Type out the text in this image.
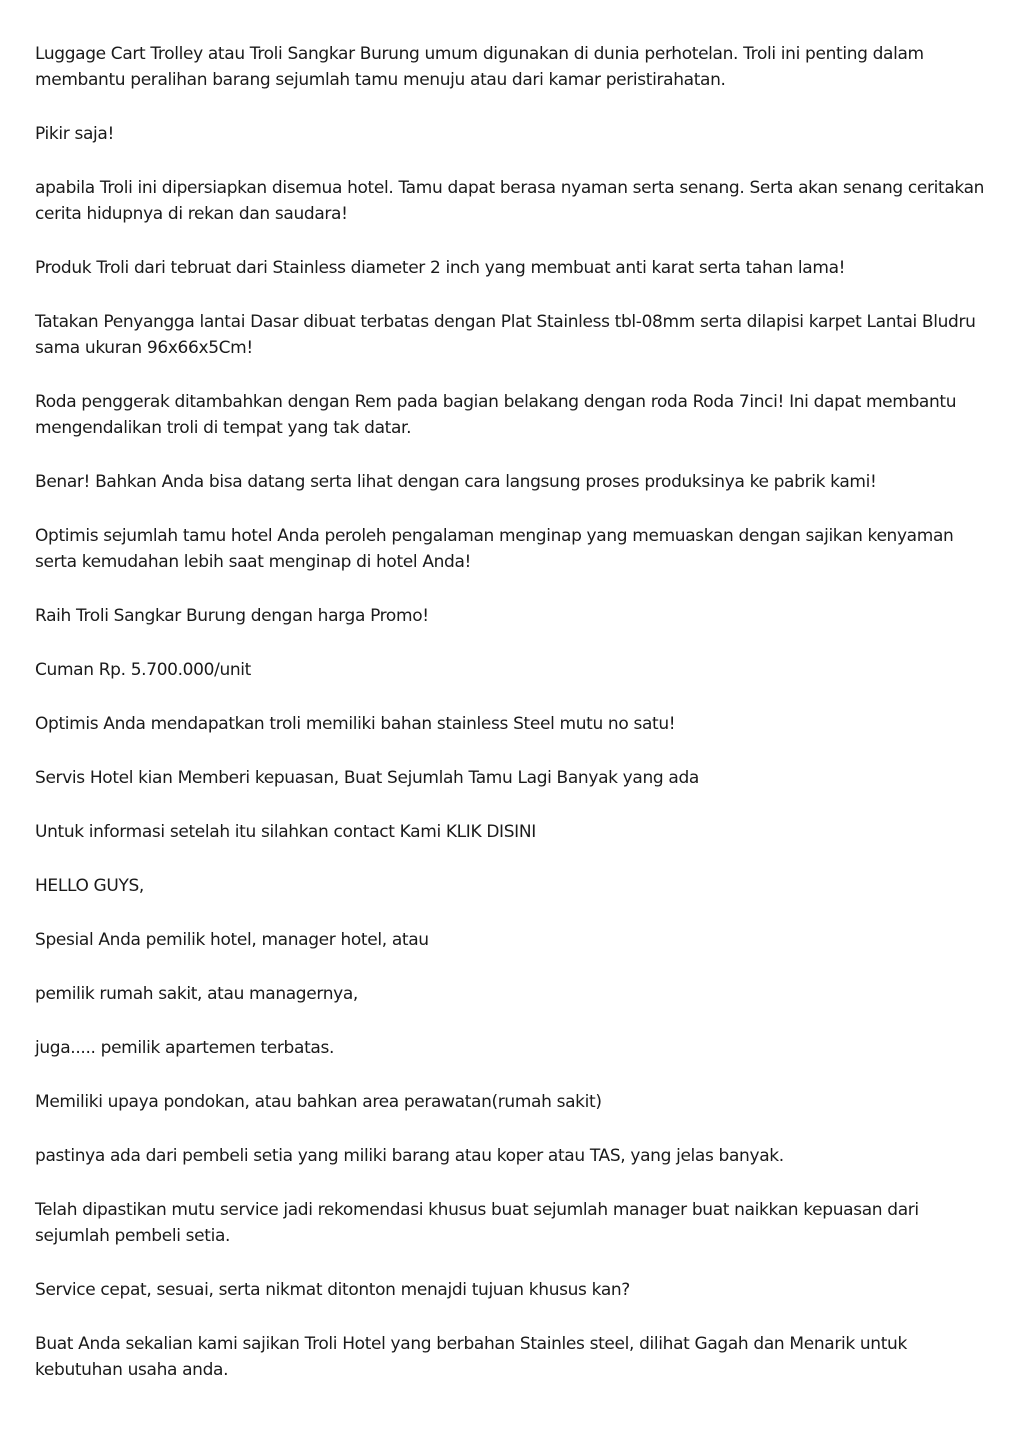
Luggage Cart Trolley atau Troli Sangkar Burung umum digunakan di dunia perhotelan. Troli ini penting dalam membantu peralihan barang sejumlah tamu menuju atau dari kamar peristirahatan.

Pikir saja!

apabila Troli ini dipersiapkan disemua hotel. Tamu dapat berasa nyaman serta senang. Serta akan senang ceritakan cerita hidupnya di rekan dan saudara!

Produk Troli dari tebruat dari Stainless diameter 2 inch yang membuat anti karat serta tahan lama!

Tatakan Penyangga lantai Dasar dibuat terbatas dengan Plat Stainless tbl-08mm serta dilapisi karpet Lantai Bludru sama ukuran 96x66x5Cm!

Roda penggerak ditambahkan dengan Rem pada bagian belakang dengan roda Roda 7inci! Ini dapat membantu mengendalikan troli di tempat yang tak datar.

Benar! Bahkan Anda bisa datang serta lihat dengan cara langsung proses produksinya ke pabrik kami!

Optimis sejumlah tamu hotel Anda peroleh pengalaman menginap yang memuaskan dengan sajikan kenyaman serta kemudahan lebih saat menginap di hotel Anda!

Raih Troli Sangkar Burung dengan harga Promo!

Cuman Rp. 5.700.000/unit

Optimis Anda mendapatkan troli memiliki bahan stainless Steel mutu no satu!

Servis Hotel kian Memberi kepuasan, Buat Sejumlah Tamu Lagi Banyak yang ada

Untuk informasi setelah itu silahkan contact Kami KLIK DISINI

HELLO GUYS,

Spesial Anda pemilik hotel, manager hotel, atau

pemilik rumah sakit, atau managernya,

juga..... pemilik apartemen terbatas.

Memiliki upaya pondokan, atau bahkan area perawatan(rumah sakit)

pastinya ada dari pembeli setia yang miliki barang atau koper atau TAS, yang jelas banyak.

Telah dipastikan mutu service jadi rekomendasi khusus buat sejumlah manager buat naikkan kepuasan dari sejumlah pembeli setia.

Service cepat, sesuai, serta nikmat ditonton menajdi tujuan khusus kan?

Buat Anda sekalian kami sajikan Troli Hotel yang berbahan Stainles steel, dilihat Gagah dan Menarik untuk kebutuhan usaha anda.
